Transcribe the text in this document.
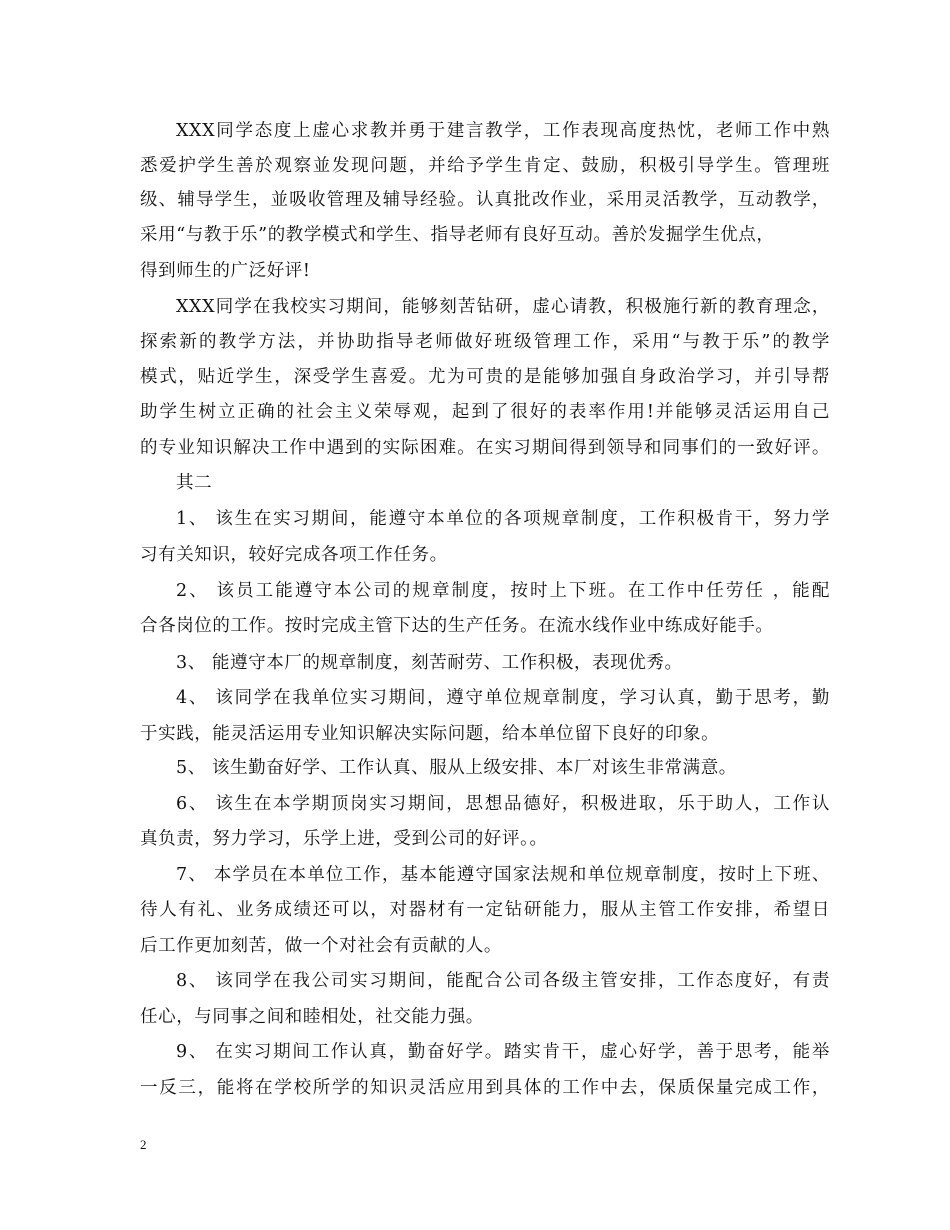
XXX同学态度上虚心求教并勇于建言教学，工作表现高度热忱，老师工作中熟
悉爱护学生善於观察並发现问题，并给予学生肯定、鼓励，积极引导学生。管理班
级、辅导学生，並吸收管理及辅导经验。认真批改作业，采用灵活教学，互动教学，
采用“与教于乐”的教学模式和学生、指导老师有良好互动。善於发掘学生优点，
得到师生的广泛好评!
XXX同学在我校实习期间，能够刻苦钻研，虚心请教，积极施行新的教育理念，
探索新的教学方法，并协助指导老师做好班级管理工作，采用“与教于乐”的教学
模式，贴近学生，深受学生喜爱。尤为可贵的是能够加强自身政治学习，并引导帮
助学生树立正确的社会主义荣辱观，起到了很好的表率作用!并能够灵活运用自己
的专业知识解决工作中遇到的实际困难。在实习期间得到领导和同事们的一致好评。
其二
1、 该生在实习期间，能遵守本单位的各项规章制度，工作积极肯干，努力学
习有关知识，较好完成各项工作任务。
2、 该员工能遵守本公司的规章制度，按时上下班。在工作中任劳任 ，能配
合各岗位的工作。按时完成主管下达的生产任务。在流水线作业中练成好能手。
3、 能遵守本厂的规章制度，刻苦耐劳、工作积极，表现优秀。
4、 该同学在我单位实习期间，遵守单位规章制度，学习认真，勤于思考，勤
于实践，能灵活运用专业知识解决实际问题，给本单位留下良好的印象。
5、 该生勤奋好学、工作认真、服从上级安排、本厂对该生非常满意。
6、 该生在本学期顶岗实习期间，思想品德好，积极进取，乐于助人，工作认
真负责，努力学习，乐学上进，受到公司的好评。。
7、 本学员在本单位工作，基本能遵守国家法规和单位规章制度，按时上下班、
待人有礼、业务成绩还可以，对器材有一定钻研能力，服从主管工作安排，希望日
后工作更加刻苦，做一个对社会有贡献的人。
8、 该同学在我公司实习期间，能配合公司各级主管安排，工作态度好，有责
任心，与同事之间和睦相处，社交能力强。
9、 在实习期间工作认真，勤奋好学。踏实肯干，虚心好学，善于思考，能举
一反三，能将在学校所学的知识灵活应用到具体的工作中去，保质保量完成工作，
2
